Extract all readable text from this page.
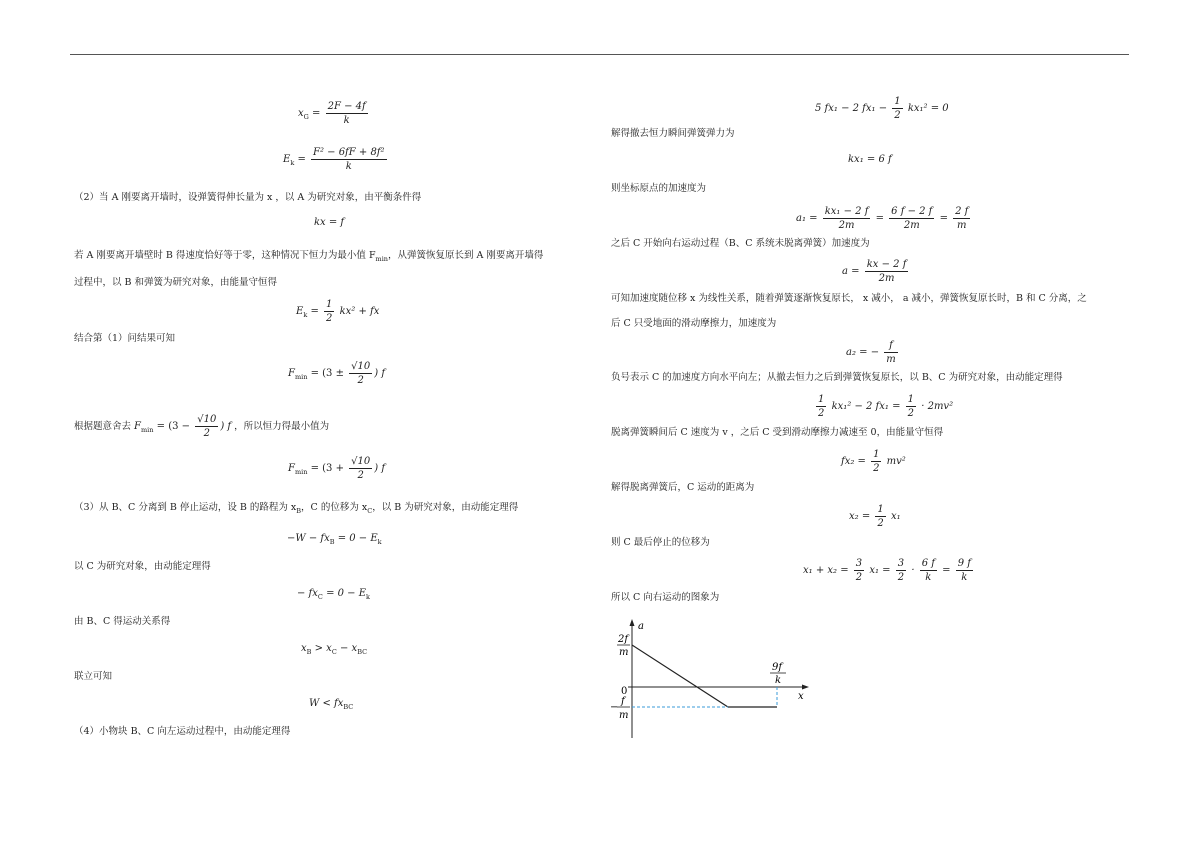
$x_G = \frac{2F - 4f}{k}$
$E_k = \frac{\text{F² − 6fF + 8f²}}{k}$
（2）当 A 刚要离开墙时，设弹簧得伸长量为 x ，以 A 为研究对象，由平衡条件得
kx = f
若 A 刚要离开墙壁时 B 得速度恰好等于零，这种情况下恒力为最小值 $F_{min}$，从弹簧恢复原长到 A 刚要离开墙得
过程中，以 B 和弹簧为研究对象，由能量守恒得
$E_k = \frac{1}{2} kx^2$ + fx
结合第（1）问结果可知
$F_{min} = (3 \pm \frac{√10}{2}$ ) f
根据题意舍去 $F_{min} = (3 - \frac{√10}{2}$ ) f ，所以恒力得最小值为
$F_{min} = (3 + \frac{√10}{2}$ ) f
（3）从 B、C 分离到 B 停止运动，设 B 的路程为 $x_B$，C 的位移为 $x_C$，以 B 为研究对象，由动能定理得
$-W - fx_B = 0 - E_k$
以 C 为研究对象，由动能定理得
− $fx_C = 0 - E_k$
由 B、C 得运动关系得
$x_B > x_C - x_{BC}$
联立可知
$W < fx_{BC}$
（4）小物块 B、C 向左运动过程中，由动能定理得
5 fx₁ − 2 $fx_1 - \frac{1}{2} kx_1^2 = 0$
解得撤去恒力瞬间弹簧弹力为
kx₁ = 6 f
则坐标原点的加速度为
$a_1 = \frac{\text{kx₁ − 2 f}}{2m} = \frac{6 f - 2 f}{2m} = \frac{2 f}{m}$
之后 C 开始向右运动过程（B、C 系统未脱离弹簧）加速度为
$a = \frac{kx - 2 f}{2m}$
可知加速度随位移 x 为线性关系，随着弹簧逐渐恢复原长， x 减小， a 减小，弹簧恢复原长时，B 和 C 分离，之
后 C 只受地面的滑动摩擦力，加速度为
a₂ = − $\frac{f}{m}$
负号表示 C 的加速度方向水平向左；从撤去恒力之后到弹簧恢复原长，以 B、C 为研究对象，由动能定理得
$\frac{1}{2} kx_1^2 - 2$ $fx_1 = \frac{1}{2} \cdot 2mv^2$
脱离弹簧瞬间后 C 速度为 v ，之后 C 受到滑动摩擦力减速至 0，由能量守恒得
$fx_2 = \frac{1}{2} mv^2$
解得脱离弹簧后，C 运动的距离为
$x_2 = \frac{1}{2} x_1$
则 C 最后停止的位移为
$x_1 + x_2 = \frac{3}{2} x_1 = \frac{3}{2} \cdot \frac{6 f}{k} = \frac{9 f}{k}$
所以 C 向右运动的图象为
a
x
2f
m
0
−
f
m
9f
k
